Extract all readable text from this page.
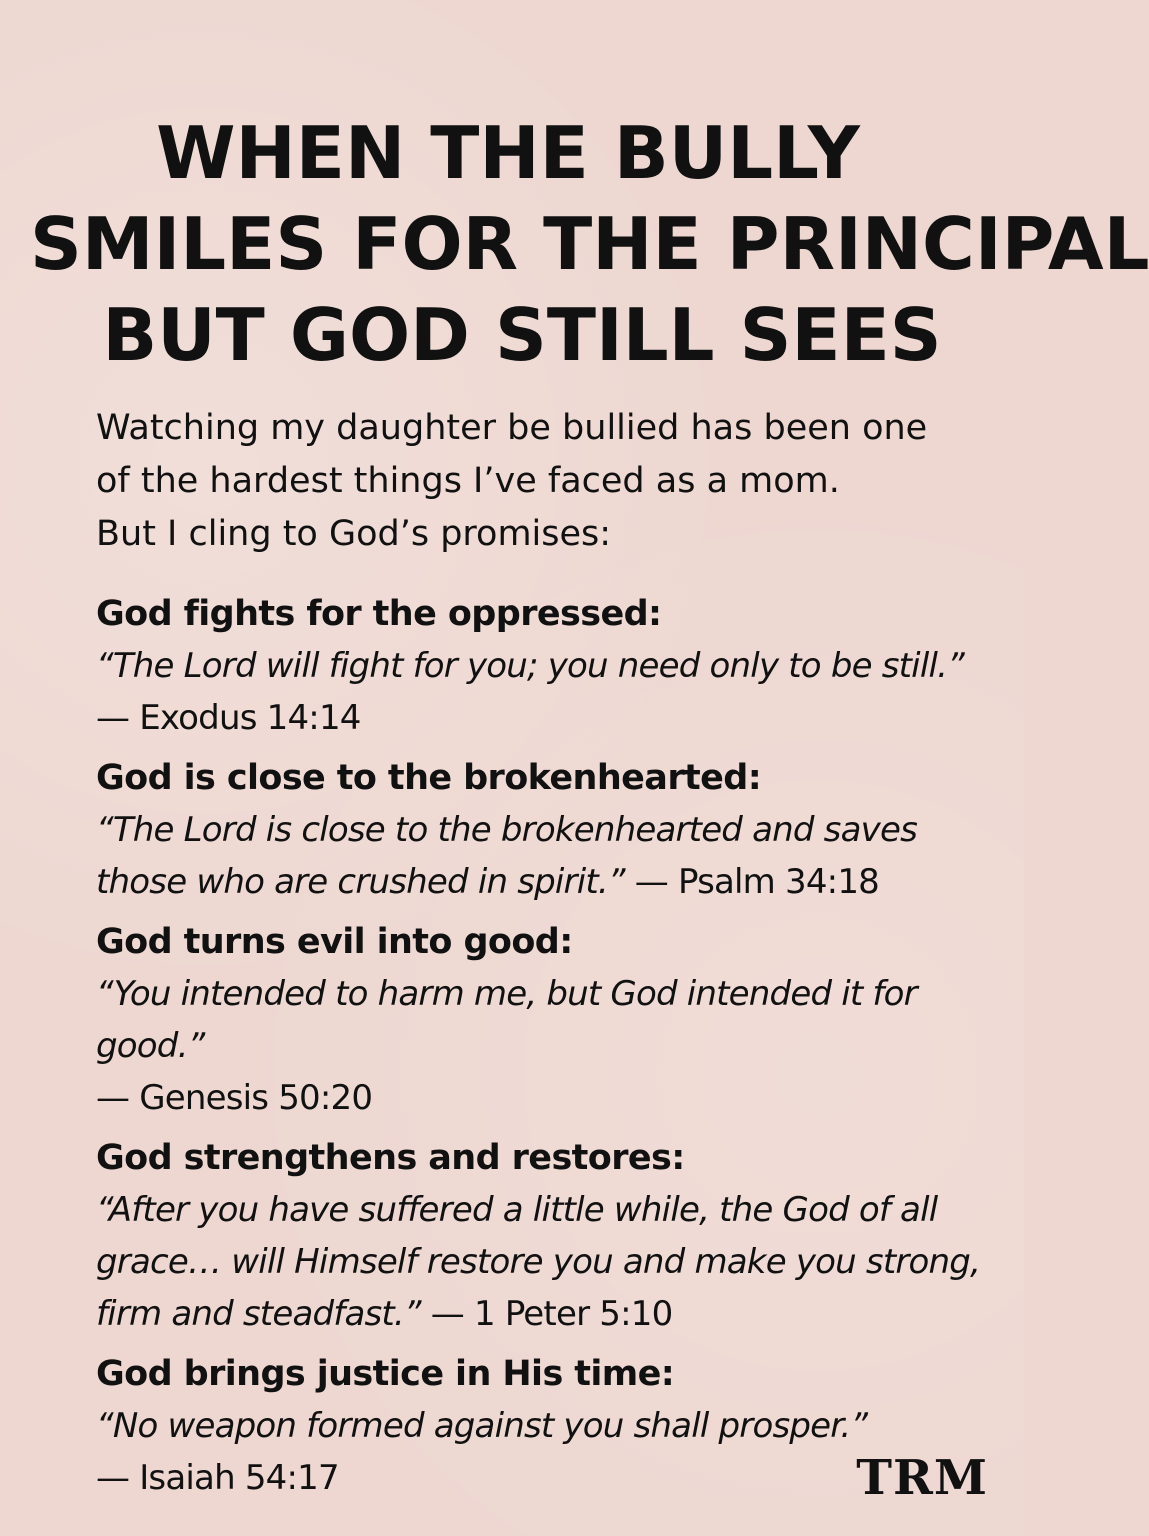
WHEN THE BULLY
SMILES FOR THE PRINCIPAL
BUT GOD STILL SEES

Watching my daughter be bullied has been one
of the hardest things I’ve faced as a mom.
But I cling to God’s promises:

God fights for the oppressed:
“The Lord will fight for you; you need only to be still.”
— Exodus 14:14
God is close to the brokenhearted:
“The Lord is close to the brokenhearted and saves those who are crushed in spirit.” — Psalm 34:18
God turns evil into good:
“You intended to harm me, but God intended it for good.”
— Genesis 50:20
God strengthens and restores:
“After you have suffered a little while, the God of all grace… will Himself restore you and make you strong, firm and steadfast.” — 1 Peter 5:10
God brings justice in His time:
“No weapon formed against you shall prosper.”
— Isaiah 54:17	TRM
